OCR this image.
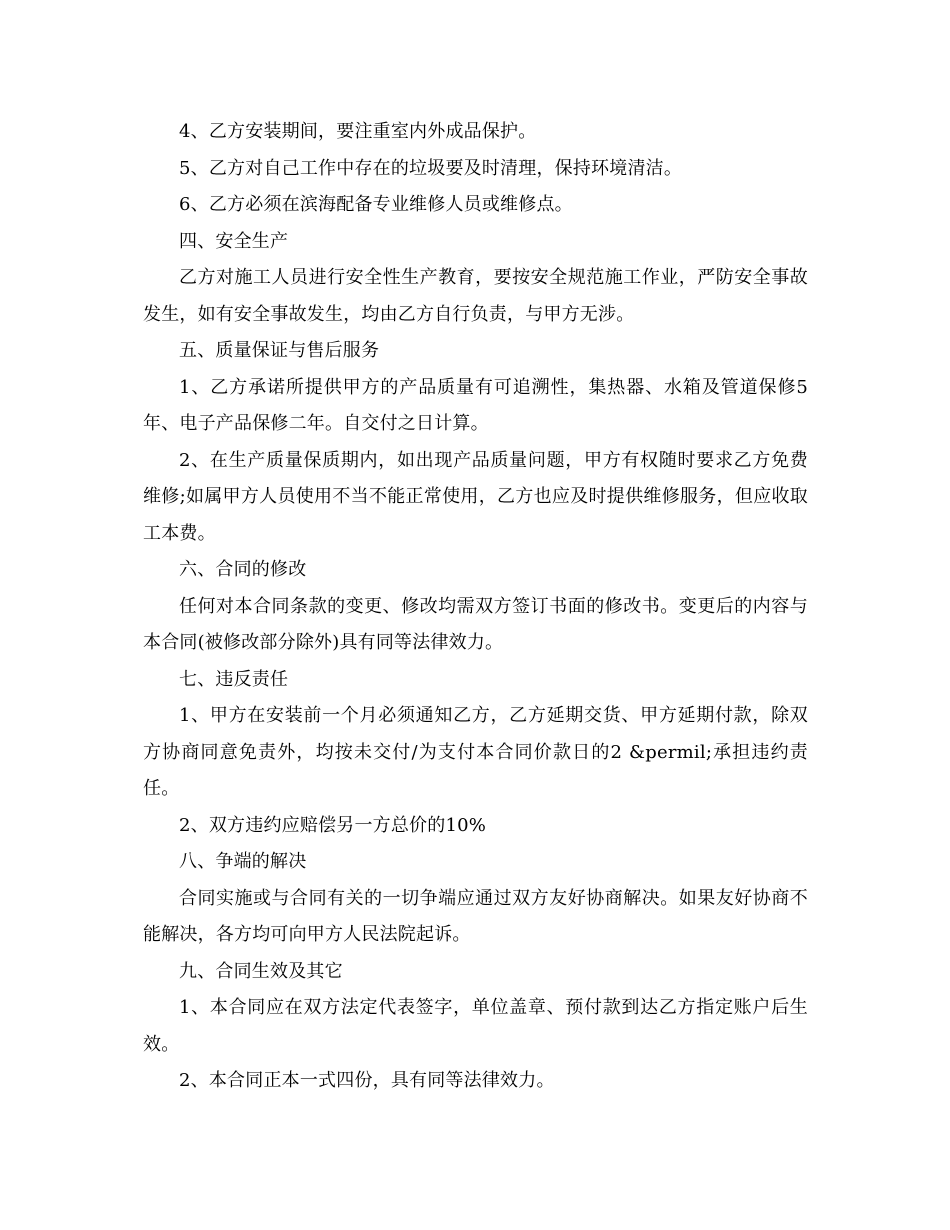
4、乙方安装期间，要注重室内外成品保护。

5、乙方对自己工作中存在的垃圾要及时清理，保持环境清洁。

6、乙方必须在滨海配备专业维修人员或维修点。

四、安全生产

乙方对施工人员进行安全性生产教育，要按安全规范施工作业，严防安全事故发生，如有安全事故发生，均由乙方自行负责，与甲方无涉。

五、质量保证与售后服务

1、乙方承诺所提供甲方的产品质量有可追溯性，集热器、水箱及管道保修5年、电子产品保修二年。自交付之日计算。

2、在生产质量保质期内，如出现产品质量问题，甲方有权随时要求乙方免费维修;如属甲方人员使用不当不能正常使用，乙方也应及时提供维修服务，但应收取工本费。

六、合同的修改

任何对本合同条款的变更、修改均需双方签订书面的修改书。变更后的内容与本合同(被修改部分除外)具有同等法律效力。

七、违反责任

1、甲方在安装前一个月必须通知乙方，乙方延期交货、甲方延期付款，除双方协商同意免责外，均按未交付/为支付本合同价款日的2 &permil;承担违约责任。

2、双方违约应赔偿另一方总价的10%

八、争端的解决

合同实施或与合同有关的一切争端应通过双方友好协商解决。如果友好协商不能解决，各方均可向甲方人民法院起诉。

九、合同生效及其它

1、本合同应在双方法定代表签字，单位盖章、预付款到达乙方指定账户后生效。

2、本合同正本一式四份，具有同等法律效力。
